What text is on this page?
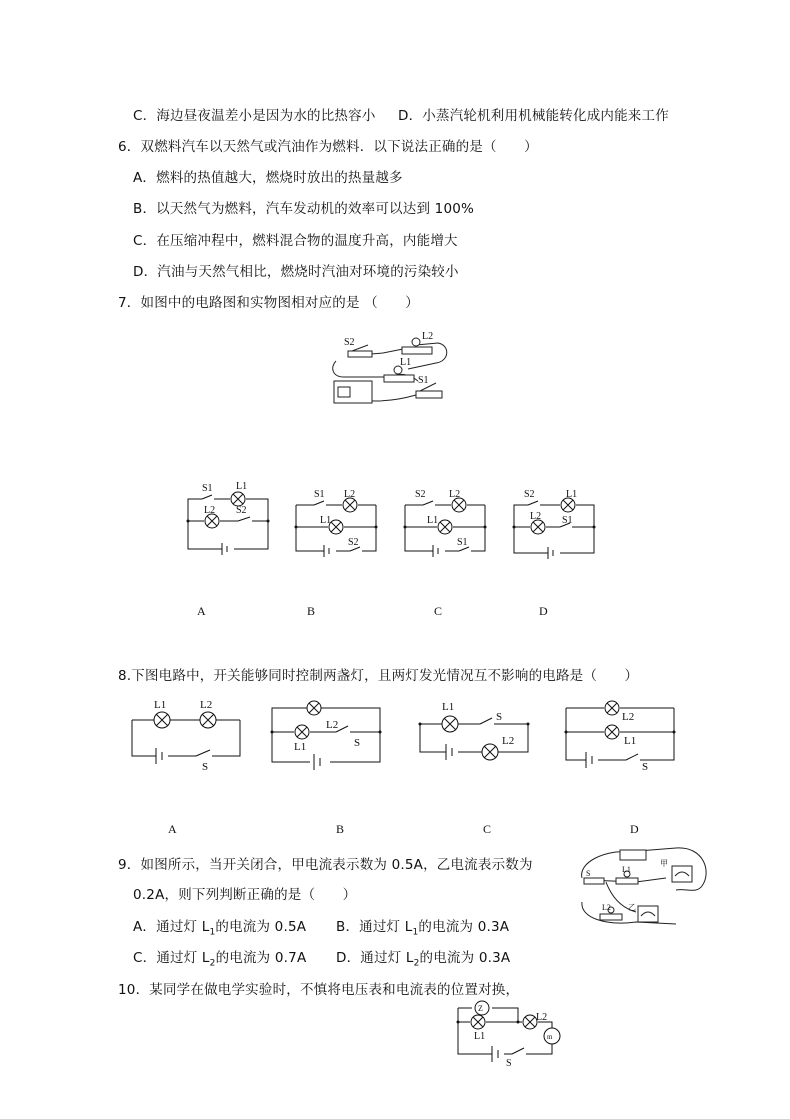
C．海边昼夜温差小是因为水的比热容小 D．小蒸汽轮机利用机械能转化成内能来工作
6．双燃料汽车以天然气或汽油作为燃料．以下说法正确的是（　　）
A．燃料的热值越大，燃烧时放出的热量越多
B．以天然气为燃料，汽车发动机的效率可以达到 100%
C．在压缩冲程中，燃料混合物的温度升高，内能增大
D．汽油与天然气相比，燃烧时汽油对环境的污染较小
7．如图中的电路图和实物图相对应的是 （　　）
S2
L2
L1
S1
S1 L1
L2 S2
S1 L2
L1
S2
S2 L2
L1
S1
S2	L1
L2 S1
A	B	C	D
8.下图电路中，开关能够同时控制两盏灯，且两灯发光情况互不影响的电路是（　　）
L1	L2
S
L2
L1	S
L1
L2
S	L2
L1
S
A	B	C	D
9．如图所示，当开关闭合，甲电流表示数为 0.5A，乙电流表示数为
0.2A，则下列判断正确的是（　　）
A．通过灯 $L_1$的电流为 0.5A B．通过灯 $L_1$的电流为 0.3A
C．通过灯 $L_2$的电流为 0.7A D．通过灯 $L_2$的电流为 0.3A
甲
S	L1
L2 乙
10．某同学在做电学实验时，不慎将电压表和电流表的位置对换，
Z
m
L1
L2
S
